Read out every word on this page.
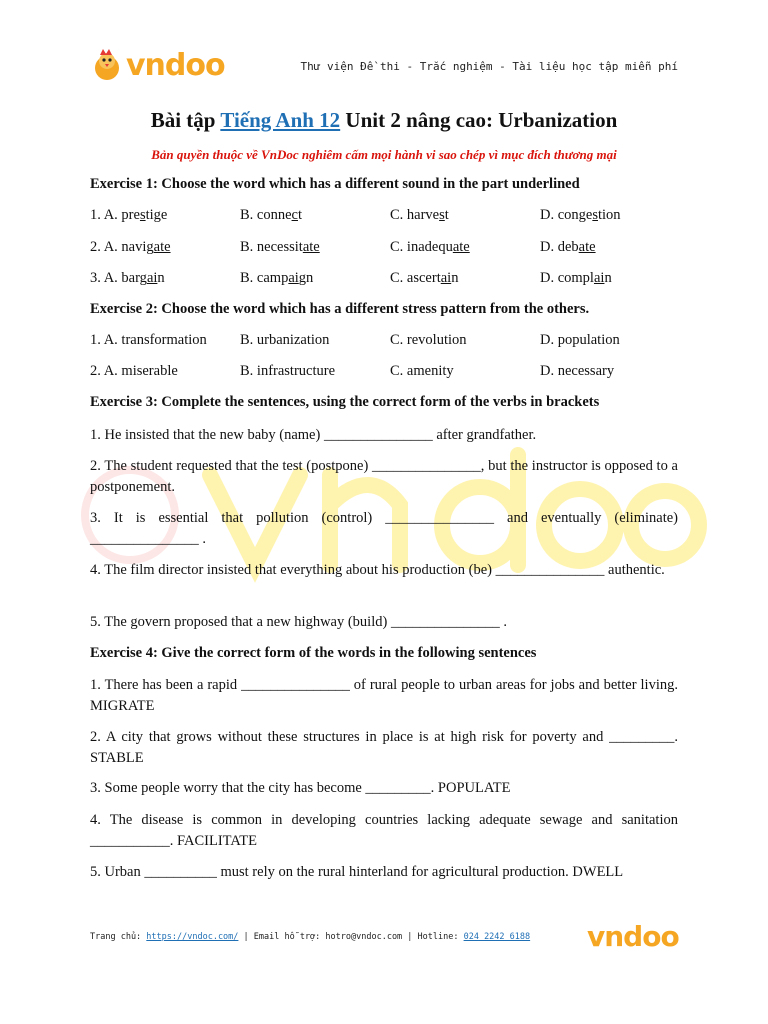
vndoo	Thư viện Đề thi - Trắc nghiệm - Tài liệu học tập miễn phí
Bài tập Tiếng Anh 12 Unit 2 nâng cao: Urbanization
Bản quyền thuộc về VnDoc nghiêm cấm mọi hành vi sao chép vì mục đích thương mại
Exercise 1: Choose the word which has a different sound in the part underlined
1. A. prestige	B. connect	C. harvest	D. congestion
2. A. navigate	B. necessitate	C. inadequate	D. debate
3. A. bargain	B. campaign	C. ascertain	D. complain
Exercise 2: Choose the word which has a different stress pattern from the others.
1. A. transformation B. urbanization	C. revolution	D. population
2. A. miserable	B. infrastructure	C. amenity	D. necessary
Exercise 3: Complete the sentences, using the correct form of the verbs in brackets
1. He insisted that the new baby (name) _______________ after grandfather.
2. The student requested that the test (postpone) _______________, but the instructor is opposed to a postponement.
3. It is essential that pollution (control) _______________ and eventually (eliminate) _______________ .
4. The film director insisted that everything about his production (be) _______________ authentic.
5. The govern proposed that a new highway (build) _______________ .
Exercise 4: Give the correct form of the words in the following sentences
1. There has been a rapid _______________ of rural people to urban areas for jobs and better living. MIGRATE
2. A city that grows without these structures in place is at high risk for poverty and _________. STABLE
3. Some people worry that the city has become _________. POPULATE
4. The disease is common in developing countries lacking adequate sewage and sanitation ___________. FACILITATE
5. Urban __________ must rely on the rural hinterland for agricultural production. DWELL
Trang chủ: https://vndoc.com/ | Email hỗ trợ: hotro@vndoc.com | Hotline: 024 2242 6188 vndoo
